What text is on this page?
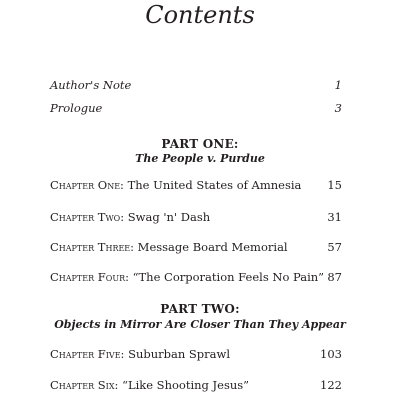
Contents
Author's Note	1
Prologue	3
PART ONE:
The People v. Purdue
Chapter One: The United States of Amnesia 15
Chapter Two: Swag 'n' Dash	31
Chapter Three: Message Board Memorial	57
Chapter Four: “The Corporation Feels No Pain” 87
PART TWO:
Objects in Mirror Are Closer Than They Appear
Chapter Five: Suburban Sprawl	103
Chapter Six: “Like Shooting Jesus”	122
